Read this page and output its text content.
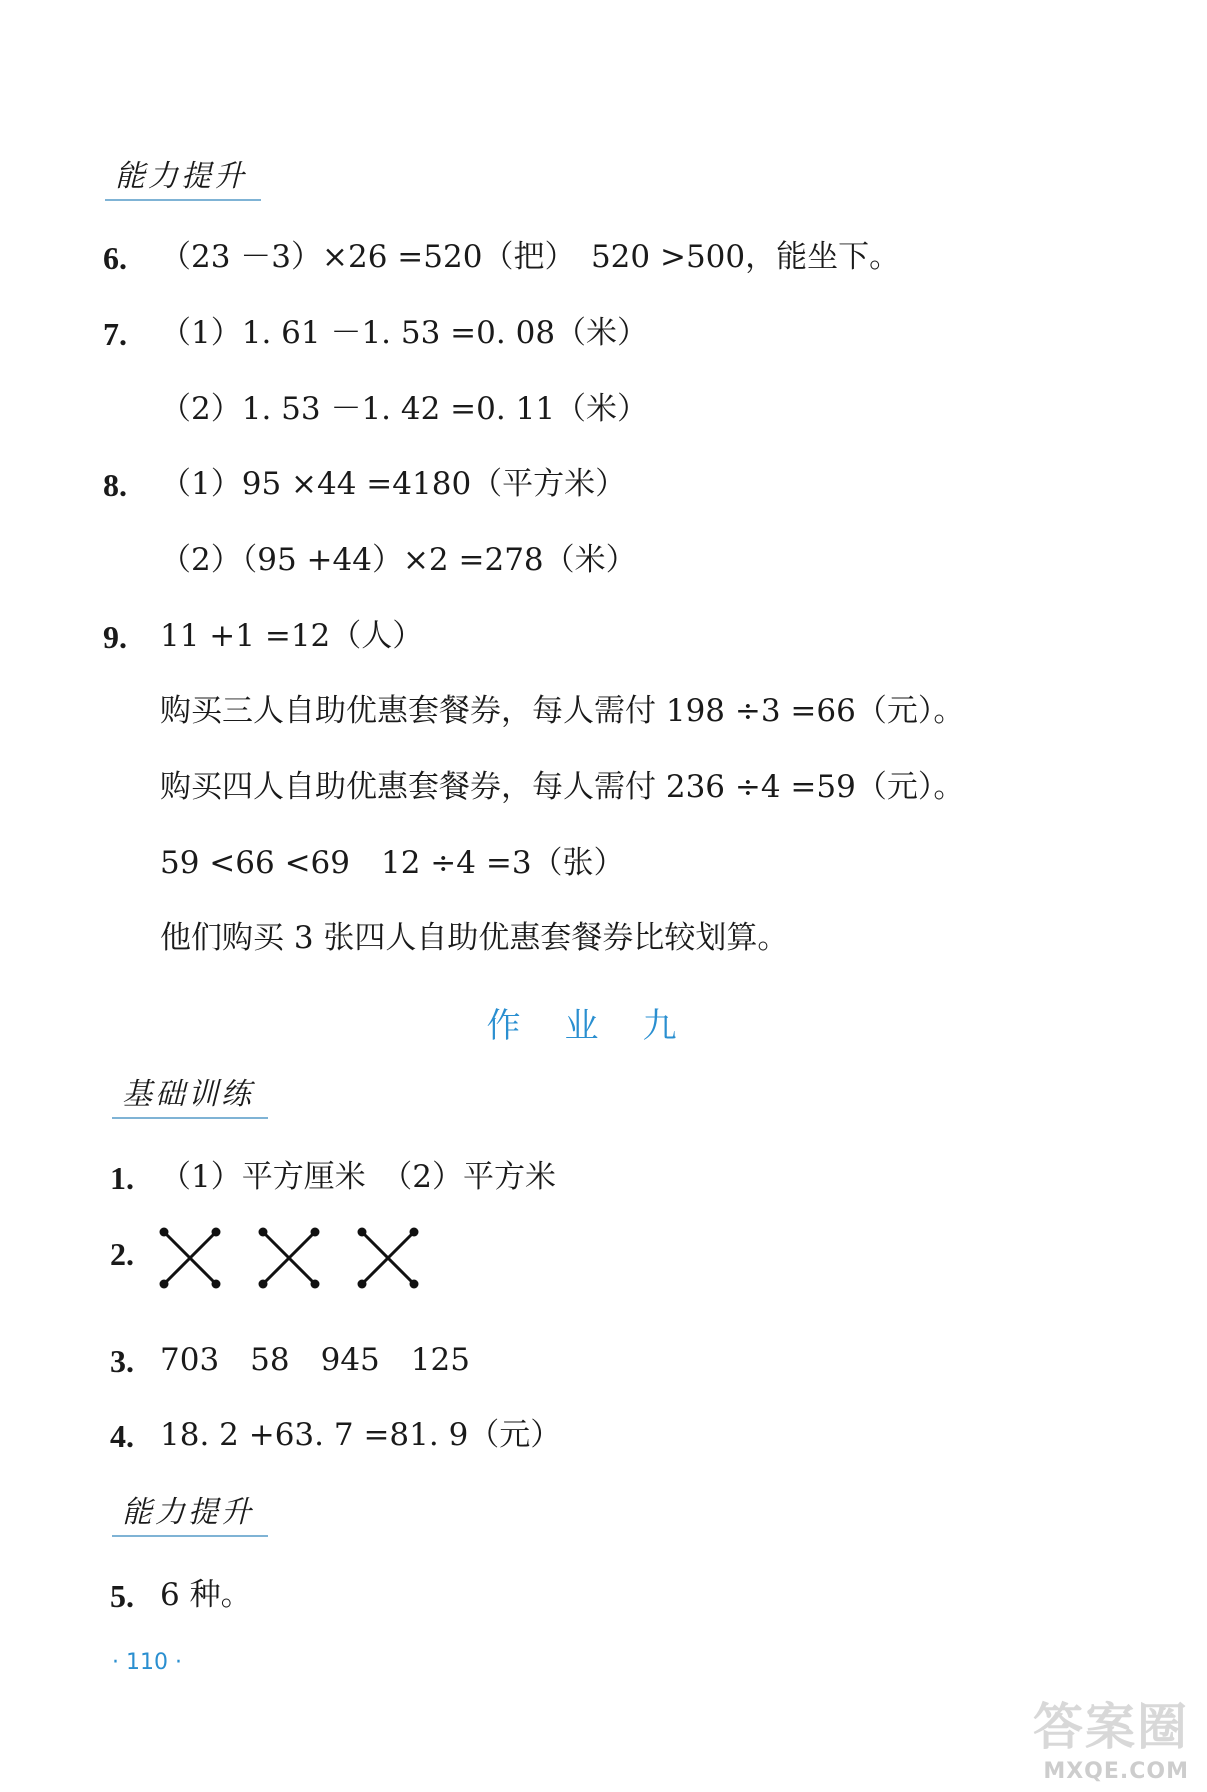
能力提升
6. （23 －3）×26 =520（把）　520 >500，能坐下。
7. （1）1. 61 －1. 53 =0. 08（米）
（2）1. 53 －1. 42 =0. 11（米）
8. （1）95 ×44 =4180（平方米）
（2）（95 +44）×2 =278（米）
9. 11 +1 =12（人）
购买三人自助优惠套餐券，每人需付 198 ÷3 =66（元）。
购买四人自助优惠套餐券，每人需付 236 ÷4 =59（元）。
59 <66 <69　12 ÷4 =3（张）
他们购买 3 张四人自助优惠套餐券比较划算。
作业九
基础训练
1. （1）平方厘米　（2）平方米
2.

3. 703　58　945　125
4. 18. 2 +63. 7 =81. 9（元）
能力提升
5. 6 种。
· 110 ·
答案圈
MXQE.COM
